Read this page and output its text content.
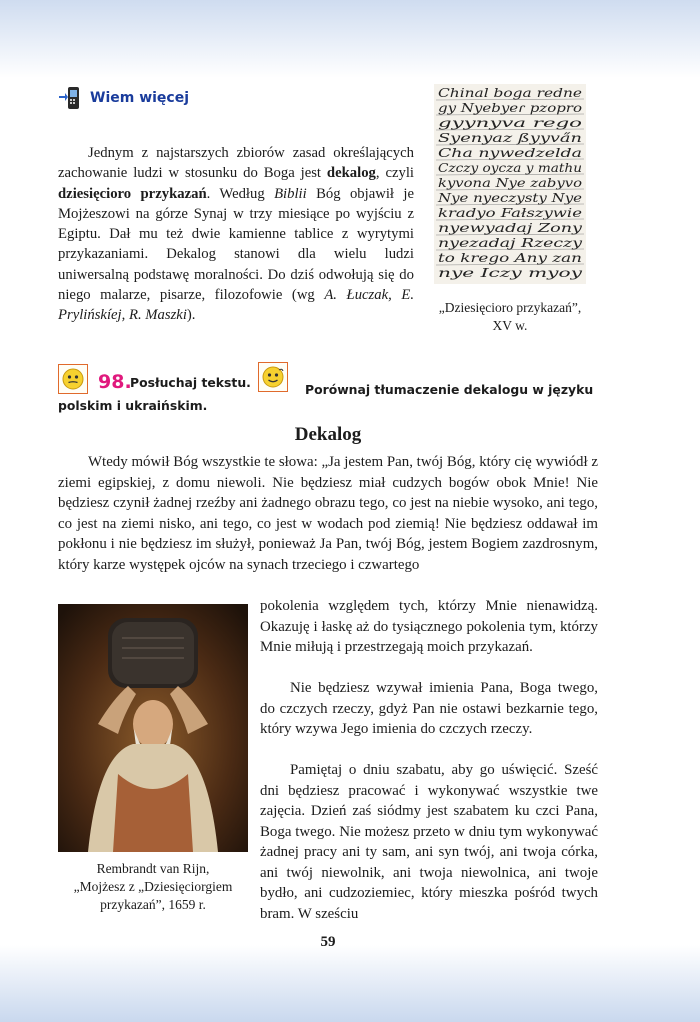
Wiem więcej

Jednym z najstarszych zbiorów zasad określających zachowanie ludzi w stosunku do Boga jest dekalog, czyli dziesięcioro przykazań. Według Biblii Bóg objawił je Mojżeszowi na górze Synaj w trzy miesiące po wyjściu z Egiptu. Dał mu też dwie kamienne tablice z wyrytymi przykazaniami. Dekalog stanowi dla wielu ludzi uniwersalną podstawę moralności. Do dziś odwołują się do niego malarze, pisarze, filozofowie (wg A. Łuczak, E. Prylińskíej, R. Maszki).

Chinal boga redne
gy Nyebyeɾ pzopro
gyynyva rego
Syenyaz ßyyva̋n
Cha nywedzelda
Czczy oycza y mathu
kyvona Nye zabyvo
Nye nyeczysty Nye
kradyo Fałszywie
nyewyadaj Zony
nyezadaj Rzeczy
to krego Any zan
nye Iczy myoy
„Dziesięcioro przykazań”, XV w.
98.
Posłuchaj tekstu.	Porównaj tłumaczenie dekalogu w języku
polskim i ukraińskim.
Dekalog

Wtedy mówił Bóg wszystkie te słowa: „Ja jestem Pan, twój Bóg, który cię wywiódł z ziemi egipskiej, z domu niewoli. Nie będziesz miał cudzych bogów obok Mnie! Nie będziesz czynił żadnej rzeźby ani żadnego obrazu tego, co jest na niebie wysoko, ani tego, co jest na ziemi nisko, ani tego, co jest w wodach pod ziemią! Nie będziesz oddawał im pokłonu i nie będziesz im służył, ponieważ Ja Pan, twój Bóg, jestem Bogiem zazdrosnym, który karze występek ojców na synach trzeciego i czwartego

Rembrandt van Rijn,
„Mojżesz z „Dziesięciorgiem
przykazań”, 1659 r.

pokolenia względem tych, którzy Mnie nienawidzą. Okazuję i łaskę aż do tysiącznego pokolenia tym, którzy Mnie miłują i przestrzegają moich przykazań.

Nie będziesz wzywał imienia Pana, Boga twego, do czczych rzeczy, gdyż Pan nie ostawi bezkarnie tego, który wzywa Jego imienia do czczych rzeczy.

Pamiętaj o dniu szabatu, aby go uświęcić. Sześć dni będziesz pracować i wykonywać wszystkie twe zajęcia. Dzień zaś siódmy jest szabatem ku czci Pana, Boga twego. Nie możesz przeto w dniu tym wykonywać żadnej pracy ani ty sam, ani syn twój, ani twoja córka, ani twój niewolnik, ani twoja niewolnica, ani twoje bydło, ani cudzoziemiec, który mieszka pośród twych bram. W sześciu

59
